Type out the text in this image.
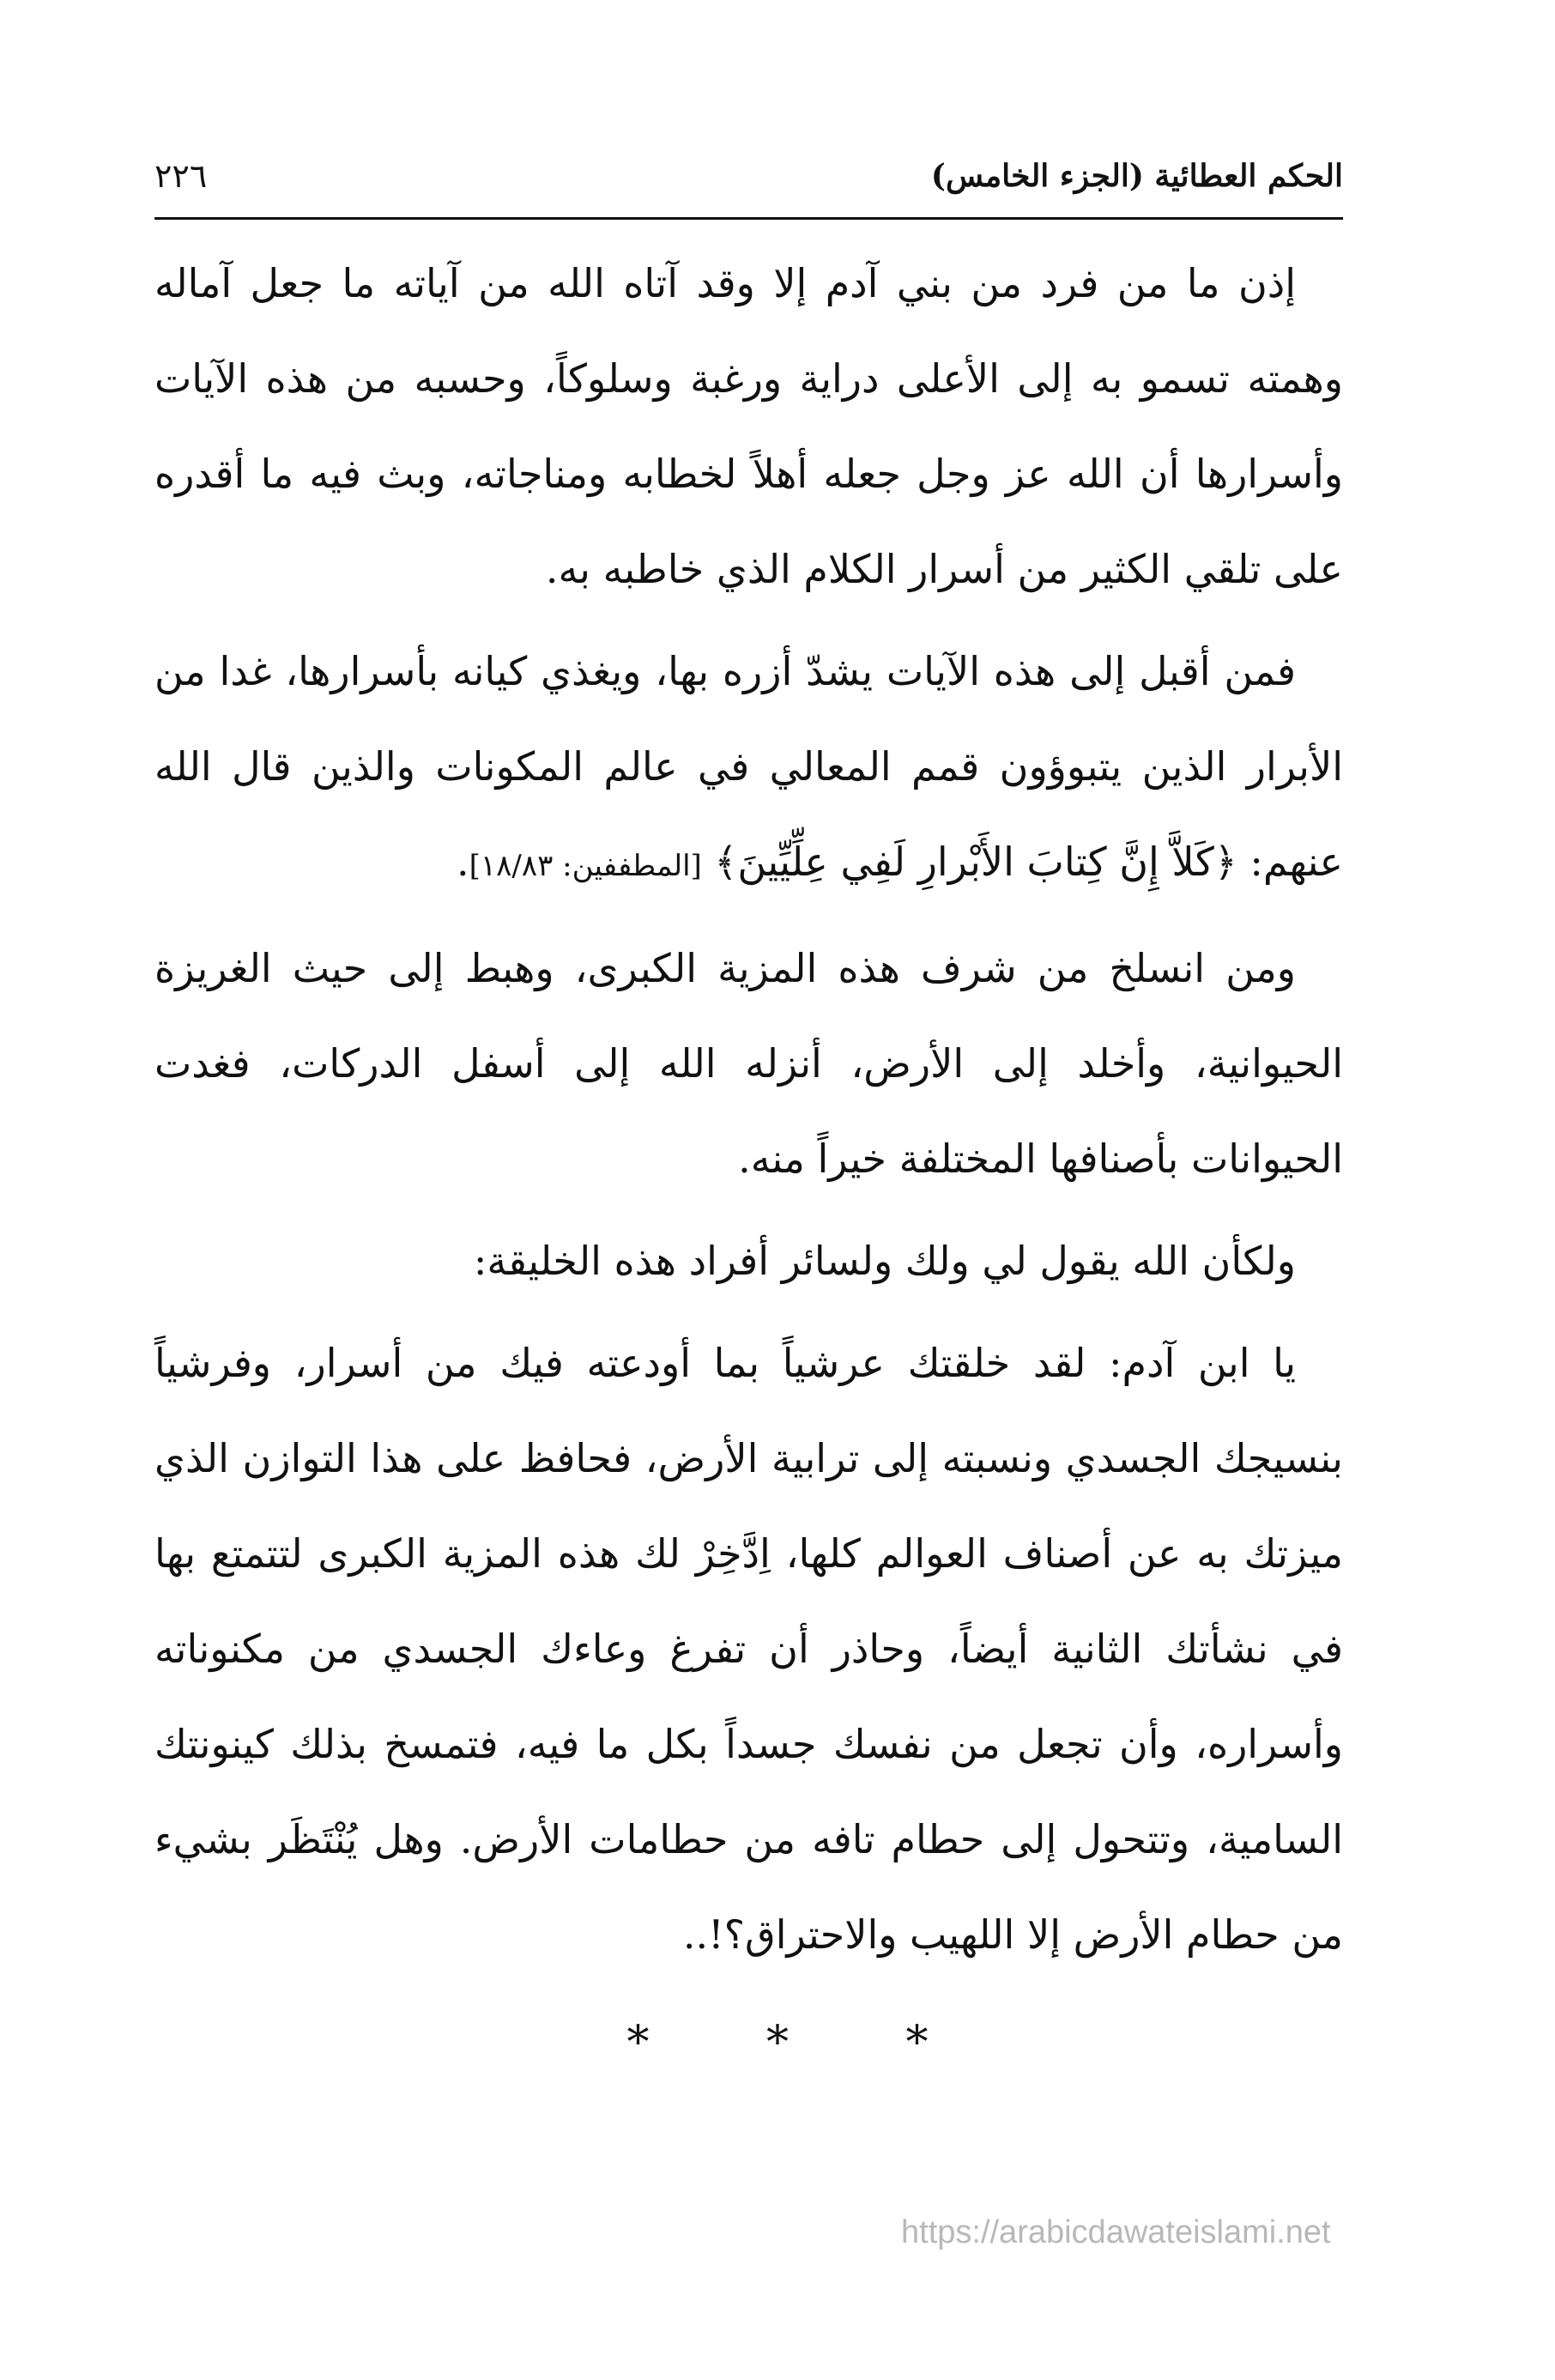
الحكم العطائية (الجزء الخامس)
٢٢٦

إذن ما من فرد من بني آدم إلا وقد آتاه الله من آياته ما جعل آماله وهمته تسمو به إلى الأعلى دراية ورغبة وسلوكاً، وحسبه من هذه الآيات وأسرارها أن الله عز وجل جعله أهلاً لخطابه ومناجاته، وبث فيه ما أقدره على تلقي الكثير من أسرار الكلام الذي خاطبه به.

فمن أقبل إلى هذه الآيات يشدّ أزره بها، ويغذي كيانه بأسرارها، غدا من الأبرار الذين يتبوؤون قمم المعالي في عالم المكونات والذين قال الله عنهم: ﴿كَلاَّ إِنَّ كِتابَ الأَبْرارِ لَفِي عِلِّيِّينَ﴾ [المطففين: ١٨/٨٣].

ومن انسلخ من شرف هذه المزية الكبرى، وهبط إلى حيث الغريزة الحيوانية، وأخلد إلى الأرض، أنزله الله إلى أسفل الدركات، فغدت الحيوانات بأصنافها المختلفة خيراً منه.

ولكأن الله يقول لي ولك ولسائر أفراد هذه الخليقة:

يا ابن آدم: لقد خلقتك عرشياً بما أودعته فيك من أسرار، وفرشياً بنسيجك الجسدي ونسبته إلى ترابية الأرض، فحافظ على هذا التوازن الذي ميزتك به عن أصناف العوالم كلها، اِدَّخِرْ لك هذه المزية الكبرى لتتمتع بها في نشأتك الثانية أيضاً، وحاذر أن تفرغ وعاءك الجسدي من مكنوناته وأسراره، وأن تجعل من نفسك جسداً بكل ما فيه، فتمسخ بذلك كينونتك السامية، وتتحول إلى حطام تافه من حطامات الأرض. وهل يُنْتَظَر بشيء من حطام الأرض إلا اللهيب والاحتراق؟!..

*	*	*
https://arabicdawateislami.net
